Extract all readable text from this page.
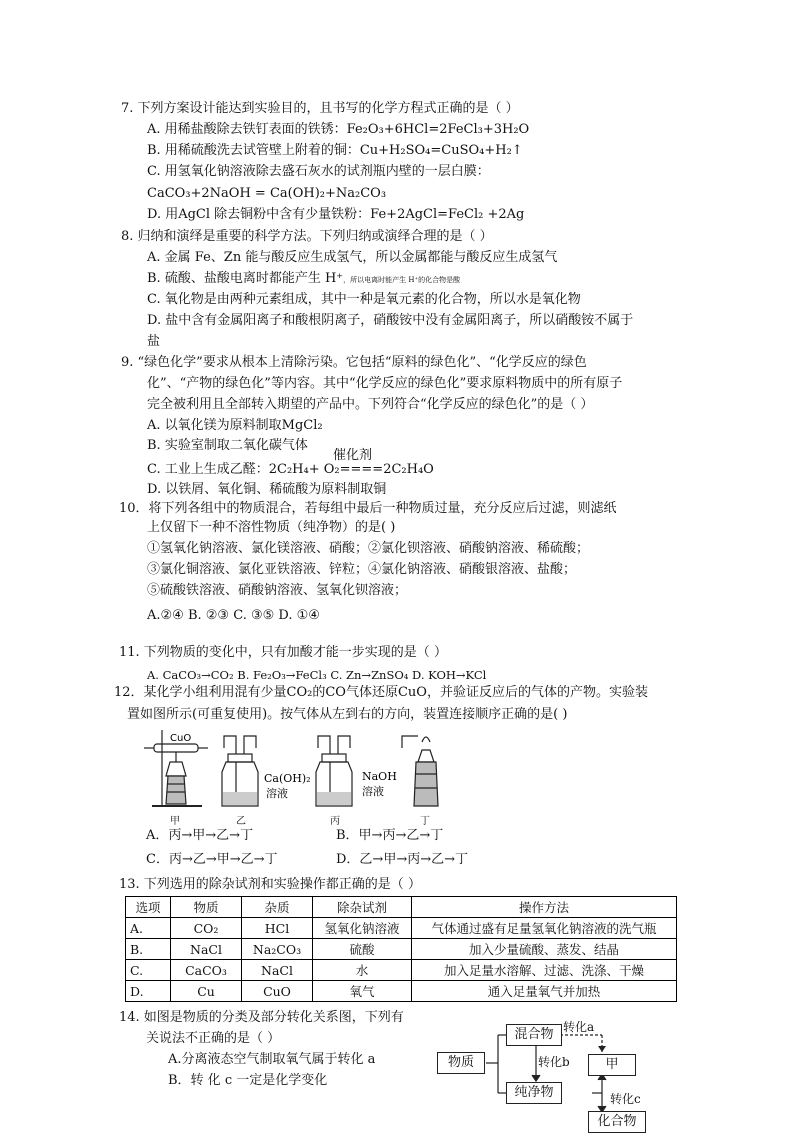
7. 下列方案设计能达到实验目的，且书写的化学方程式正确的是（ ）
A. 用稀盐酸除去铁钉表面的铁锈：Fe₂O₃+6HCl=2FeCl₃+3H₂O
B. 用稀硫酸洗去试管壁上附着的铜：Cu+H₂SO₄=CuSO₄+H₂↑
C. 用氢氧化钠溶液除去盛石灰水的试剂瓶内壁的一层白膜：
CaCO₃+2NaOH = Ca(OH)₂+Na₂CO₃
D. 用AgCl 除去铜粉中含有少量铁粉：Fe+2AgCl=FeCl₂ +2Ag
8. 归纳和演绎是重要的科学方法。下列归纳或演绎合理的是（ ）
A. 金属 Fe、Zn 能与酸反应生成氢气，所以金属都能与酸反应生成氢气
B. 硫酸、盐酸电离时都能产生 H⁺，所以电离时能产生 H⁺的化合物是酸
C. 氧化物是由两种元素组成，其中一种是氧元素的化合物，所以水是氧化物
D. 盐中含有金属阳离子和酸根阴离子，硝酸铵中没有金属阳离子，所以硝酸铵不属于
盐
9. “绿色化学”要求从根本上清除污染。它包括“原料的绿色化”、“化学反应的绿色
化”、“产物的绿色化”等内容。其中“化学反应的绿色化”要求原料物质中的所有原子
完全被利用且全部转入期望的产品中。下列符合“化学反应的绿色化”的是（ ）
A. 以氧化镁为原料制取MgCl₂
B. 实验室制取二氧化碳气体
催化剂
C. 工业上生成乙醛：2C₂H₄+ O₂====2C₂H₄O
D. 以铁屑、氧化铜、稀硫酸为原料制取铜
10．将下列各组中的物质混合，若每组中最后一种物质过量，充分反应后过滤，则滤纸
上仅留下一种不溶性物质（纯净物）的是( )
①氢氧化钠溶液、氯化镁溶液、硝酸；②氯化钡溶液、硝酸钠溶液、稀硫酸；
③氯化铜溶液、氯化亚铁溶液、锌粒；④氯化钠溶液、硝酸银溶液、盐酸；
⑤硫酸铁溶液、硝酸钠溶液、氢氧化钡溶液；
A.②④ B. ②③ C. ③⑤ D. ①④
11. 下列物质的变化中，只有加酸才能一步实现的是（ ）
A. CaCO₃→CO₂ B. Fe₂O₃→FeCl₃ C. Zn→ZnSO₄ D. KOH→KCl
12．某化学小组利用混有少量CO₂的CO气体还原CuO，并验证反应后的气体的产物。实验装
置如图所示(可重复使用)。按气体从左到右的方向，装置连接顺序正确的是( )
CuO
Ca(OH)₂
溶液
NaOH
溶液
甲	乙	丙	丁
A．丙→甲→乙→丁	B．甲→丙→乙→丁
C．丙→乙→甲→乙→丁	D．乙→甲→丙→乙→丁
13. 下列选用的除杂试剂和实验操作都正确的是（ ）
选项	物质	杂质	除杂试剂	操作方法
A.	CO₂	HCl	氢氧化钠溶液	气体通过盛有足量氢氧化钠溶液的洗气瓶
B.	NaCl	Na₂CO₃	硫酸	加入少量硫酸、蒸发、结晶
C.	CaCO₃	NaCl	水	加入足量水溶解、过滤、洗涤、干燥
D.	Cu	CuO	氧气	通入足量氧气并加热
14. 如图是物质的分类及部分转化关系图，下列有
关说法不正确的是（ ）
A.分离液态空气制取氧气属于转化 a
B．转 化 c 一定是化学变化
物质
混合物
纯净物
甲
化合物
转化a
转化b
转化c
